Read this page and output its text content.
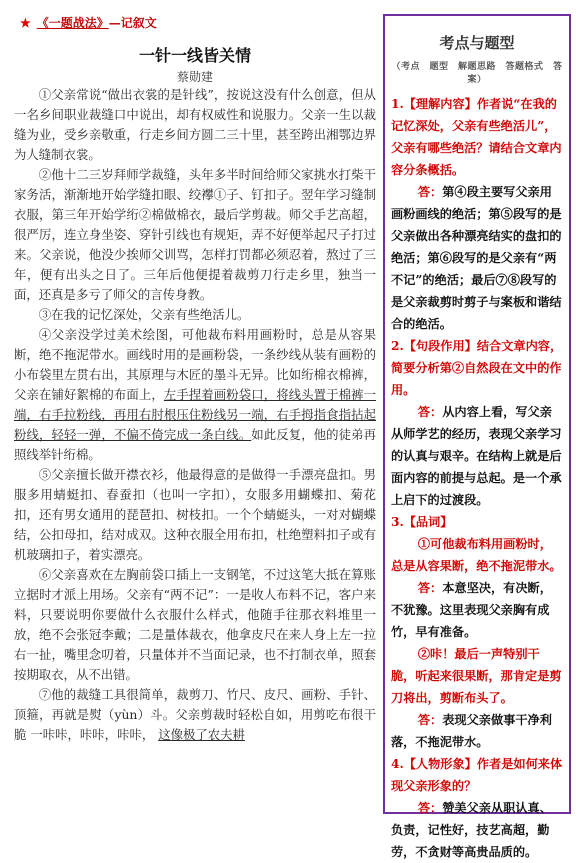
★ 《一题战法》—记叙文
一针一线皆关情
蔡勋建

①父亲常说“做出衣裳的是针线”，按说这没有什么创意，但从一名乡间职业裁缝口中说出，却有权威性和说服力。父亲一生以裁缝为业，受乡亲敬重，行走乡间方圆二三十里，甚至跨出湘鄂边界为人缝制衣裳。

②他十二三岁拜师学裁缝，头年多半时间给师父家挑水打柴干家务活，渐渐地开始学缝扣眼、绞襻①子、钉扣子。翌年学习缝制衣服，第三年开始学绗②棉做棉衣，最后学剪裁。师父手艺高超，很严厉，连立身坐姿、穿针引线也有规矩，弄不好便举起尺子打过来。父亲说，他没少挨师父训骂，怎样打罚都必须忍着，熬过了三年，便有出头之日了。三年后他便提着裁剪刀行走乡里，独当一面，还真是多亏了师父的言传身教。

③在我的记忆深处，父亲有些绝活儿。

④父亲没学过美术绘图，可他裁布料用画粉时，总是从容果断，绝不拖泥带水。画线时用的是画粉袋，一条纱线从装有画粉的小布袋里左贯右出，其原理与木匠的墨斗无异。比如绗棉衣棉裤，父亲在铺好絮棉的布面上，左手捏着画粉袋口，将线头置于棉裤一端，右手拉粉线，再用右肘根压住粉线另一端，右手拇指食指拈起粉线，轻轻一弹，不偏不倚完成一条白线。如此反复，他的徒弟再照线举针绗棉。

⑤父亲擅长做开襟衣衫，他最得意的是做得一手漂亮盘扣。男服多用蜻蜓扣、春蚕扣（也叫一字扣），女服多用蝴蝶扣、菊花扣，还有男女通用的琵琶扣、树枝扣。一个个蜻蜓头，一对对蝴蝶结，公扣母扣，结对成双。这种衣服全用布扣，杜绝塑料扣子或有机玻璃扣子，着实漂亮。

⑥父亲喜欢在左胸前袋口插上一支钢笔，不过这笔大抵在算账立据时才派上用场。父亲有“两不记”：一是收人布料不记，客户来料，只要说明你要做什么衣服什么样式，他随手往那衣料堆里一放，绝不会张冠李戴；二是量体裁衣，他拿皮尺在来人身上左一拉右一扯，嘴里念叨着，只量体并不当面记录，也不打制衣单，照套按期取衣，从不出错。

⑦他的裁缝工具很简单，裁剪刀、竹尺、皮尺、画粉、手针、顶箍，再就是熨（yùn）斗。父亲剪裁时轻松自如，用剪吃布很干脆 一咔咔，咔咔，咔咔， 这像极了农夫耕

考点与题型
（考点　题型　解题思路　答题格式　答案）

1.【理解内容】作者说“在我的记忆深处，父亲有些绝活儿”，父亲有哪些绝活？请结合文章内容分条概括。

答：第④段主要写父亲用画粉画线的绝活；第⑤段写的是父亲做出各种漂亮结实的盘扣的绝活；第⑥段写的是父亲有“两不记”的绝活；最后⑦⑧段写的是父亲裁剪时剪子与案板和谐结合的绝活。

2.【句段作用】结合文章内容，简要分析第②自然段在文中的作用。

答：从内容上看，写父亲从师学艺的经历，表现父亲学习的认真与艰辛。在结构上就是后面内容的前提与总起。是一个承上启下的过渡段。

3.【品词】

①可他裁布料用画粉时，总是从容果断，绝不拖泥带水。

答：本意坚决，有决断，不犹豫。这里表现父亲胸有成竹，早有准备。

②咔！最后一声特别干脆，听起来很果断，那肯定是剪刀将出，剪断布头了。

答：表现父亲做事干净利落，不拖泥带水。

4.【人物形象】作者是如何来体现父亲形象的？

答：赞美父亲从职认真、负责，记性好，技艺高超，勤劳，不贪财等高贵品质的。
